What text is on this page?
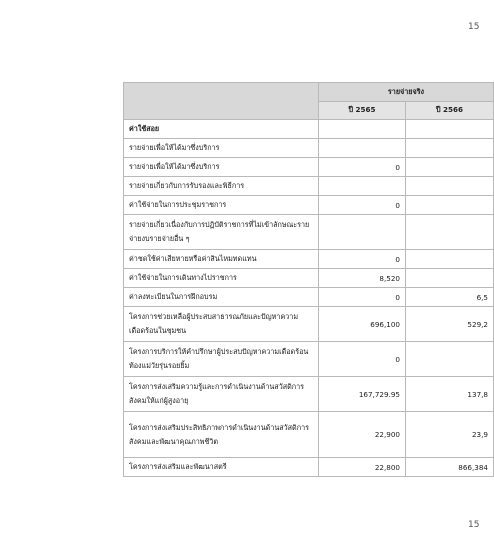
15
	รายจ่ายจริง	
	ปี 2565	ปี 2566
ค่าใช้สอย		
รายจ่ายเพื่อให้ได้มาซึ่งบริการ		
รายจ่ายเพื่อให้ได้มาซึ่งบริการ	0	
รายจ่ายเกี่ยวกับการรับรองและพิธีการ		
ค่าใช้จ่ายในการประชุมราชการ	0	
รายจ่ายเกี่ยวเนื่องกับการปฏิบัติราชการที่ไม่เข้าลักษณะรายจ่ายงบรายจ่ายอื่น ๆ		
ค่าชดใช้ค่าเสียหายหรือค่าสินไหมทดแทน	0	
ค่าใช้จ่ายในการเดินทางไปราชการ	8,520	
ค่าลงทะเบียนในการฝึกอบรม	0	6,5
โครงการช่วยเหลือผู้ประสบสาธารณภัยและปัญหาความเดือดร้อนในชุมชน	696,100	529,2
โครงการบริการให้คำปรึกษาผู้ประสบปัญหาความเดือดร้อน ท้องแม่วัยรุ่นรอยยิ้ม	0	
โครงการส่งเสริมความรู้และการดำเนินงานด้านสวัสดิการสังคมให้แก่ผู้สูงอายุ	167,729.95	137,8
โครงการส่งเสริมประสิทธิภาพการดำเนินงานด้านสวัสดิการสังคมและพัฒนาคุณภาพชีวิต	22,900	23,9
โครงการส่งเสริมและพัฒนาสตรี	22,800	866,384
15
